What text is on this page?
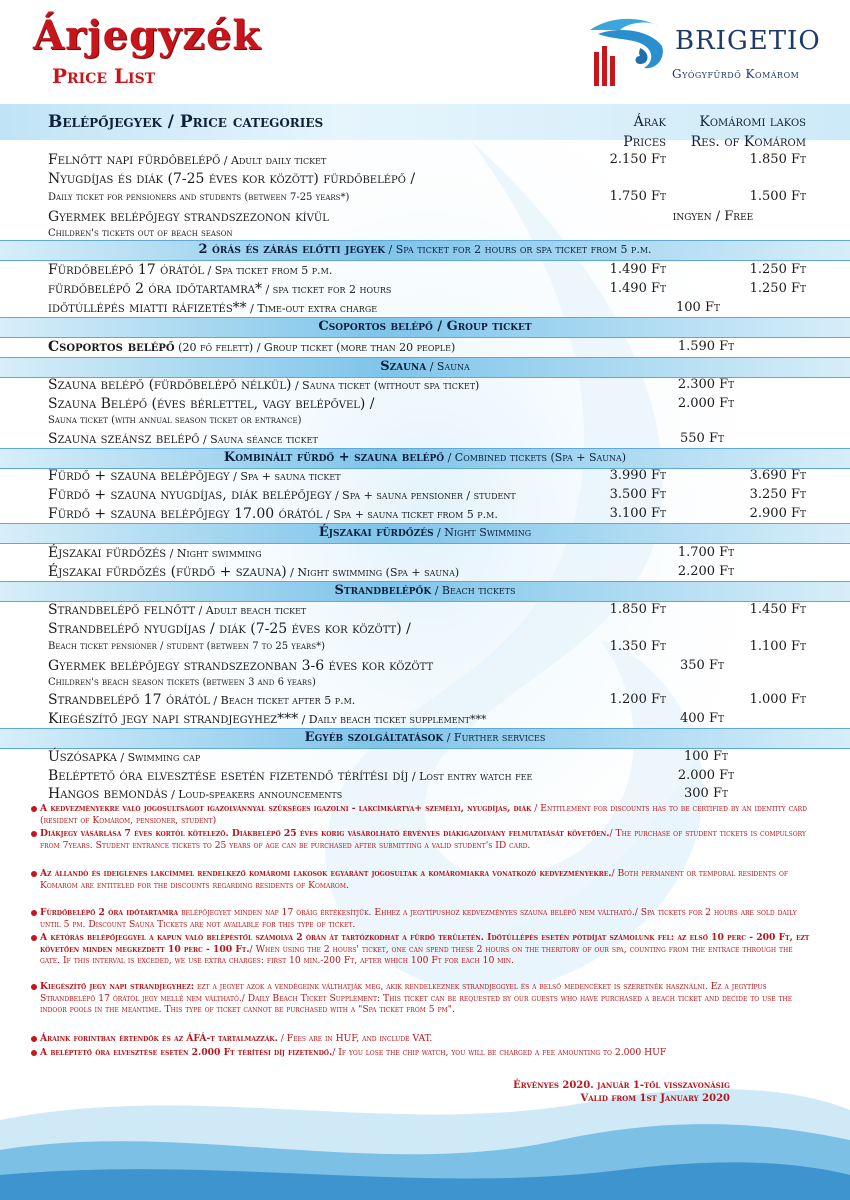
Árjegyzék
Price List
BRIGETIO
Gyógyfürdő Komárom
Belépőjegyek / Price categories	Árak
Prices
Komáromi lakos
Res. of Komárom
Felnőtt napi fürdőbelépő / Adult daily ticket	2.150 Ft	1.850 Ft
Nyugdíjas és diák (7-25 éves kor között) fürdőbelépő /
Daily ticket for pensioners and students (between 7-25 years*)	1.750 Ft	1.500 Ft
Gyermek belépőjegy strandszezonon kívül
Children's tickets out of beach season
ingyen / Free
2 órás és zárás előtti jegyek / Spa ticket for 2 hours or spa ticket from 5 p.m.
Fürdőbelépő 17 órától / Spa ticket from 5 p.m.	1.490 Ft	1.250 Ft
fürdőbelépő 2 óra időtartamra* / spa ticket for 2 hours	1.490 Ft	1.250 Ft
időtúllépés miatti ráfizetés** / Time-out extra charge	100 Ft
Csoportos belépő / Group ticket
Csoportos belépő (20 fő felett) / Group ticket (more than 20 people)	1.590 Ft
Szauna / Sauna
Szauna belépő (fürdőbelépő nélkül) / Sauna ticket (without spa ticket)	2.300 Ft
Szauna Belépő (éves bérlettel, vagy belépővel) /
Sauna ticket (with annual season ticket or entrance)
2.000 Ft
Szauna szeánsz belépő / Sauna séance ticket	550 Ft
Kombinált fürdő + szauna belépő / Combined tickets (Spa + Sauna)
Fürdő + szauna belépőjegy / Spa + sauna ticket	3.990 Ft	3.690 Ft
Fürdő + szauna nyugdíjas, diák belépőjegy / Spa + sauna pensioner / student	3.500 Ft	3.250 Ft
Fürdő + szauna belépőjegy 17.00 órától / Spa + sauna ticket from 5 p.m.	3.100 Ft	2.900 Ft
Éjszakai fürdőzés / Night Swimming
Éjszakai fürdőzés / Night swimming	1.700 Ft
Éjszakai fürdőzés (fürdő + szauna) / Night swimming (Spa + sauna)	2.200 Ft
Strandbelépők / Beach tickets
Strandbelépő felnőtt / Adult beach ticket	1.850 Ft	1.450 Ft
Strandbelépő nyugdíjas / diák (7-25 éves kor között) /
Beach ticket pensioner / student (between 7 to 25 years*)	1.350 Ft	1.100 Ft
Gyermek belépőjegy strandszezonban 3-6 éves kor között
Children's beach season tickets (between 3 and 6 years)
350 Ft
Strandbelépő 17 órától / Beach ticket after 5 p.m.	1.200 Ft	1.000 Ft
Kiegészítő jegy napi strandjegyhez*** / Daily beach ticket supplement***	400 Ft
Egyéb szolgáltatások / Further services
Úszósapka / Swimming cap	100 Ft
Beléptető óra elvesztése esetén fizetendő térítési díj / Lost entry watch fee	2.000 Ft
Hangos bemondás / Loud-speakers announcements	300 Ft
A kedvezményekre való jogosultságot igazolvánnyal szükséges igazolni - lakcímkártya+ személyi, nyugdíjas, diák / Entitlement for discounts has to be certified by an identity card (resident of Komárom, pensioner, student)
Diákjegy vásárlása 7 éves kortól kötelező. Diákbelépő 25 éves korig vásárolható érvényes diákigazolvány felmutatását követően./ The purchase of student tickets is compulsory from 7years. Student entrance tickets to 25 years of age can be purchased after submitting a valid student's ID card.
Az állandó és ideiglenes lakcímmel rendelkező komáromi lakosok egyaránt jogosultak a komáromiakra vonatkozó kedvezményekre./ Both permanent or temporal residents of Komarom are entiteled for the discounts regarding residents of Komarom.
Fürdőbelépő 2 óra időtartamra belépőjegyet minden nap 17 óráig értékesítjük. Ehhez a jegytípushoz kedvezményes szauna belépő nem váltható./ Spa tickets for 2 hours are sold daily until 5 pm. Discount Sauna Tickets are not available for this type of ticket.
A kétórás belépőjeggyel a kapun való belépéstől számolva 2 órán át tartózkodhat a fürdő területén. Időtúllépés esetén pótdíjat számolunk fel: az első 10 perc - 200 Ft, ezt követően minden megkezdett 10 perc - 100 Ft./ When using the 2 hours' ticket, one can spend these 2 hours on the theritory of our spa, counting from the entrace through the gate. If this interval is exceded, we use extra charges: first 10 min.-200 Ft, after which 100 Ft for each 10 min.
Kiegészítő jegy napi strandjegyhez: ezt a jegyet azok a vendégeink válthatják meg, akik rendelkeznek strandjeggyel és a belső medencéket is szeretnék használni. Ez a jegytípus Strandbelépő 17 órától jegy mellé nem váltható./ Daily Beach Ticket Supplement: This ticket can be requested by our guests who have purchased a beach ticket and decide to use the indoor pools in the meantime. This type of ticket cannot be purchased with a "Spa ticket from 5 pm".
Áraink forintban értendők és az ÁFÁ-t tartalmazzák. / Fees are in HUF, and include VAT.
A beléptető óra elvesztése esetén 2.000 Ft térítési díj fizetendő./ If you lose the chip watch, you will be charged a fee amounting to 2.000 HUF
Érvényes 2020. január 1-től visszavonásig
Valid from 1st January 2020
